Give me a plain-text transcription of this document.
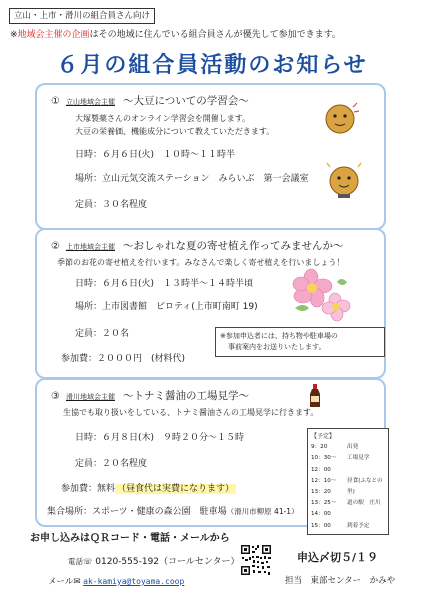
立山・上市・滑川の組合員さん向け
※地域会主催の企画はその地域に住んでいる組合員さんが優先して参加できます。
６月の組合員活動のお知らせ
① 立山地域会主催 〜大豆についての学習会〜
大塚製薬さんのオンライン学習会を開催します。
大豆の栄養価、機能成分について教えていただきます。
日時：６月６日(火)　１０時〜１１時半
場所：立山元気交流ステーション　みらいぶ　第一会議室
定員：３０名程度
② 上市地域会主催 〜おしゃれな夏の寄せ植え作ってみませんか〜
季節のお花の寄せ植えを行います。みなさんで楽しく寄せ植えを行いましょう！
日時：６月６日(火)　１３時半〜１４時半頃
場所：上市図書館　ピロティ(上市町南町 19)
定員：２０名
参加費：２０００円　(材料代)
※参加申込者には、持ち物や駐車場の
事前案内をお送りいたします。
③ 滑川地域会主催 〜トナミ醤油の工場見学〜
生協でも取り扱いをしている、トナミ醤油さんの工場見学に行きます。
日時：６月８日(木)　９時２０分〜１５時
定員：２０名程度
参加費：無料 （昼食代は実費になります）
集合場所：スポーツ・健康の森公園　駐車場（滑川市柳原 41-1）
【予定】
9：20	出発
10：30〜12：00
工場見学
12：10〜13：20
昼食(ふなとの里)
13：25〜14：00
道の駅　庄川
15：00	到着予定
お申し込みはＱＲコード・電話・メールから
電話☏ 0120-555-192（コールセンター）
メール✉ ak-kamiya@toyama.coop
申込〆切５/１９
担当　東部センター　かみや
